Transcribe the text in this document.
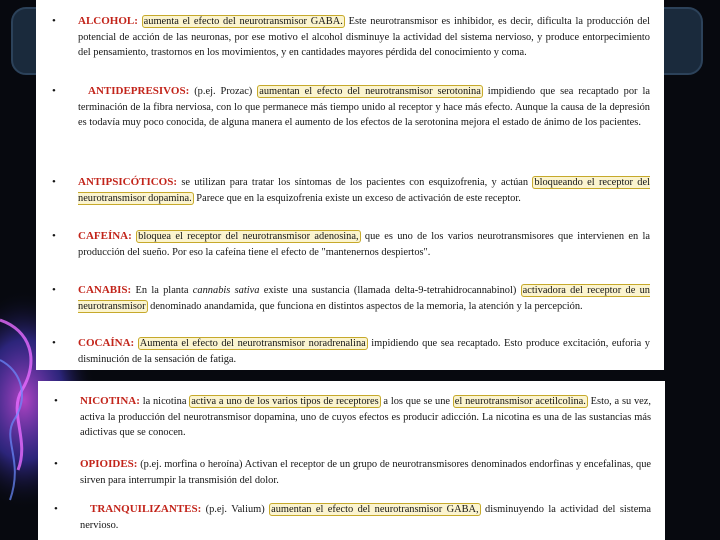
• ALCOHOL: aumenta el efecto del neurotransmisor GABA. Este neurotransmisor es inhibidor, es decir, dificulta la producción del potencial de acción de las neuronas, por ese motivo el alcohol disminuye la actividad del sistema nervioso, y produce entorpecimiento del pensamiento, trastornos en los movimientos, y en cantidades mayores pérdida del conocimiento y coma.
•	ANTIDEPRESIVOS: (p.ej. Prozac) aumentan el efecto del neurotransmisor serotonina impidiendo que sea recaptado por la terminación de la fibra nerviosa, con lo que permanece más tiempo unido al receptor y hace más efecto. Aunque la causa de la depresión es todavía muy poco conocida, de alguna manera el aumento de los efectos de la serotonina mejora el estado de ánimo de los pacientes.
• ANTIPSICÓTICOS: se utilizan para tratar los síntomas de los pacientes con esquizofrenia, y actúan bloqueando el receptor del neurotransmisor dopamina. Parece que en la esquizofrenia existe un exceso de activación de este receptor.
• CAFEÍNA: bloquea el receptor del neurotransmisor adenosina, que es uno de los varios neurotransmisores que intervienen en la producción del sueño. Por eso la cafeína tiene el efecto de "mantenernos despiertos".
• CANABIS: En la planta cannabis sativa existe una sustancia (llamada delta-9-tetrahidrocannabinol) activadora del receptor de un neurotransmisor denominado anandamida, que funciona en distintos aspectos de la memoria, la atención y la percepción.
• COCAÍNA: Aumenta el efecto del neurotransmisor noradrenalina impidiendo que sea recaptado. Esto produce excitación, euforia y disminución de la sensación de fatiga.
• NICOTINA: la nicotina activa a uno de los varios tipos de receptores a los que se une el neurotransmisor acetilcolina. Esto, a su vez, activa la producción del neurotransmisor dopamina, uno de cuyos efectos es producir adicción. La nicotina es una de las sustancias más adictivas que se conocen.
• OPIOIDES: (p.ej. morfina o heroína) Activan el receptor de un grupo de neurotransmisores denominados endorfinas y encefalinas, que sirven para interrumpir la transmisión del dolor.
•	TRANQUILIZANTES: (p.ej. Valium) aumentan el efecto del neurotransmisor GABA, disminuyendo la actividad del sistema nervioso.
